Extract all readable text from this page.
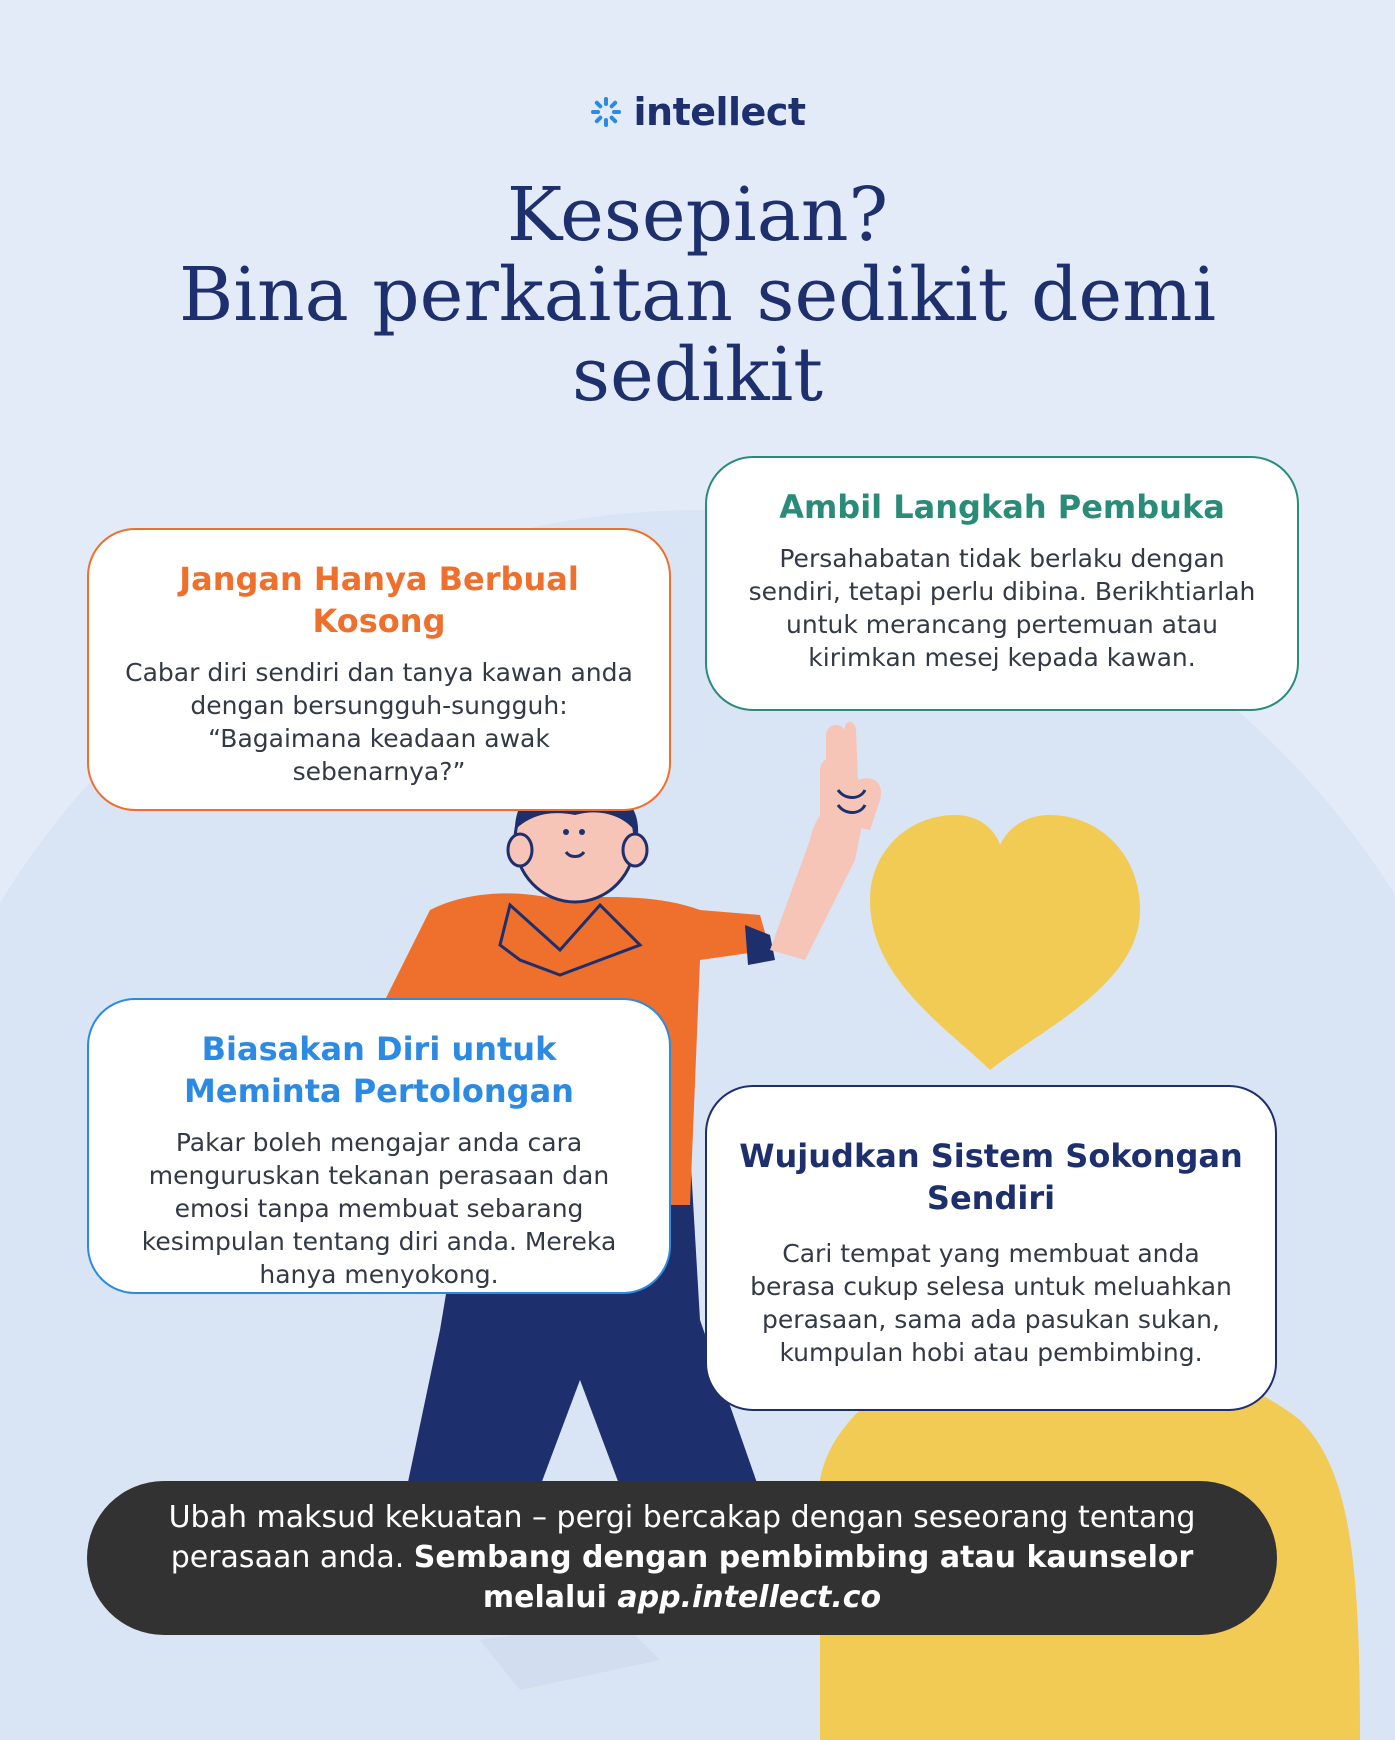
intellect
Kesepian?
Bina perkaitan sedikit demi
sedikit
Jangan Hanya Berbual Kosong

Cabar diri sendiri dan tanya kawan anda dengan bersungguh-sungguh: “Bagaimana keadaan awak sebenarnya?”

Ambil Langkah Pembuka

Persahabatan tidak berlaku dengan sendiri, tetapi perlu dibina. Berikhtiarlah untuk merancang pertemuan atau kirimkan mesej kepada kawan.

Biasakan Diri untuk Meminta Pertolongan

Pakar boleh mengajar anda cara menguruskan tekanan perasaan dan emosi tanpa membuat sebarang kesimpulan tentang diri anda. Mereka hanya menyokong.

Wujudkan Sistem Sokongan Sendiri

Cari tempat yang membuat anda berasa cukup selesa untuk meluahkan perasaan, sama ada pasukan sukan, kumpulan hobi atau pembimbing.

Ubah maksud kekuatan – pergi bercakap dengan seseorang tentang perasaan anda. Sembang dengan pembimbing atau kaunselor melalui app.intellect.co
